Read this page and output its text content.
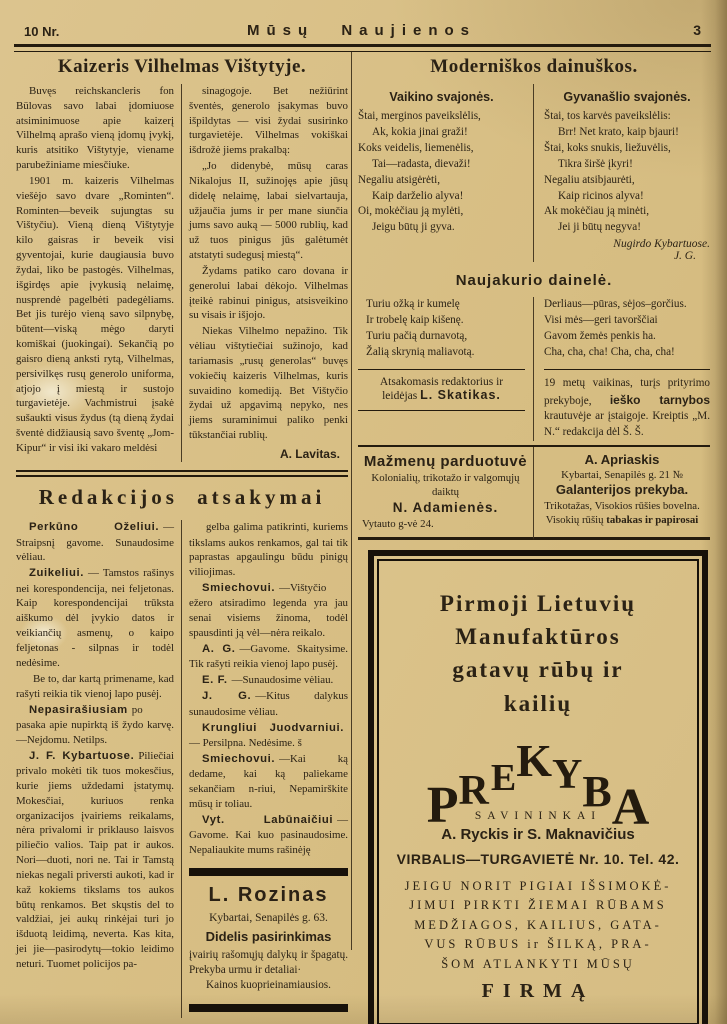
10 Nr.	Mūsų Naujienos	3
Kaizeris Vilhelmas Vištytyje.

Buvęs reichskancleris fon Bülovas savo labai įdomiuose atsiminimuose apie kaizerį Vilhelmą aprašo vieną įdomų įvykį, kuris atsitiko Vištytyje, viename parubežiniame miesčiuke.

1901 m. kaizeris Vilhelmas viešėjo savo dvare „Rominten“. Rominten—beveik sujungtas su Vištyčiu). Vieną dieną Vištytyje kilo gaisras ir beveik visi gyventojai, kurie daugiausia buvo žydai, liko be pastogės. Vilhelmas, išgirdęs apie įvykusią nelaimę, nusprendė pagelbėti padegėliams. Bet jis turėjo vieną savo silpnybę, būtent—viską mėgo daryti komiškai (juokingai). Sekančią po gaisro dieną anksti rytą, Vilhelmas, persivilkęs rusų generolo uniforma, atjojo į miestą ir sustojo turgavietėje. Vachmistrui įsakė sušaukti visus žydus (tą dieną žydai šventė didžiausią savo šventę „Jom-Kipur“ ir visi iki vakaro meldėsi

sinagogoje. Bet nežiūrint šventės, generolo įsakymas buvo išpildytas — visi žydai susirinko turgavietėje. Vilhelmas vokiškai išdrožė jiems prakalbą:

„Jo didenybė, mūsų caras Nikalojus II, sužinojęs apie jūsų didelę nelaimę, labai sielvartauja, užjaučia jums ir per mane siunčia jums savo auką — 5000 rublių, kad už tuos pinigus jūs galėtumėt atstatyti sudegusį miestą“.

Žydams patiko caro dovana ir generolui labai dėkojo. Vilhelmas įteikė rabinui pinigus, atsisveikino su visais ir išjojo.

Niekas Vilhelmo nepažino. Tik vėliau vištytiečiai sužinojo, kad tariamasis „rusų generolas“ buvęs vokiečių kaizeris Vilhelmas, kuris suvaidino komediją. Bet Vištyčio žydai už apgavimą nepyko, nes jiems suraminimui paliko penki tūkstančiai rublių.

A. Lavitas.
Redakcijos atsakymai

Perkūno Oželiui. — Straipsnį gavome. Sunaudosime vėliau.

Zuikeliui. — Tamstos rašinys nei korespondencija, nei feljetonas. Kaip korespondencijai trūksta aiškumo dėl įvykio datos ir veikiančių asmenų, o kaipo feljetonas - silpnas ir todėl nedėsime.

Be to, dar kartą primename, kad rašyti reikia tik vienoj lapo pusėj.

Nepasirašiusiam po pasaka apie nupirktą iš žydo karvę.—Nejdomu. Netilps.

J. F. Kybartuose. Piliečiai privalo mokėti tik tuos mokesčius, kurie jiems uždedami įstatymų. Mokesčiai, kuriuos renka organizacijos įvairiems reikalams, nėra privalomi ir priklauso laisvos piliečio valios. Taip pat ir aukos. Nori—duoti, nori ne. Tai ir Tamstą niekas negali priversti aukoti, kad ir kaž kokiems tikslams tos aukos būtų renkamos. Bet skųstis del to valdžiai, jei aukų rinkėjai turi jo išduotą leidimą, neverta. Kas kita, jei jie—pasirodytų—tokio leidimo neturi. Tuomet policijos pa-

gelba galima patikrinti, kuriems tikslams aukos renkamos, gal tai tik paprastas apgaulingu būdu pinigų viliojimas.

Smiechovui. —Vištyčio ežero atsiradimo legenda yra jau senai visiems žinoma, todėl spausdinti ją vėl—nėra reikalo.

A. G. —Gavome. Skaitysime. Tik rašyti reikia vienoj lapo pusėj.

E. F. —Sunaudosime vėliau.

J. G. —Kitus dalykus sunaudosime vėliau.

Krungliui Juodvarniui.— Persilpna. Nedėsime. š

Smiechovui. —Kai ką dedame, kai ką paliekame sekančiam n-riui, Nepamirškite mūsų ir toliau.

Vyt. Labūnaičiui —Gavome. Kai kuo pasinaudosime. Nepaliaukite mums rašinėję

L. Rozinas
Kybartai, Senapilės g. 63.
Didelis pasirinkimas
įvairių rašomųjų dalykų ir špagatų. Prekyba urmu ir detaliai·
Kainos kuoprieinamiausios.
Moderniškos dainuškos.
Vaikino svajonės.
Štai, merginos paveikslėlis,
Ak, kokia jinai graži!
Koks veidelis, liemenėlis,
Tai—radasta, dievaži!
Negaliu atsigėrėti,
Kaip darželio alyva!
Oi, mokėčiau ją mylėti,
Jeigu būtų ji gyva.
Gyvanašlio svajonės.
Štai, tos karvės paveikslėlis:
Brr! Net krato, kaip bjauri!
Štai, koks snukis, liežuvėlis,
Tikra širšė įkyri!
Negaliu atsibjaurėti,
Kaip ricinos alyva!
Ak mokėčiau ją minėti,
Jei ji būtų negyva!
Nugirdo Kybartuose.
J. G.
Naujakurio dainelė.
Turiu ožką ir kumelę
Ir trobelę kaip kišenę.
Turiu pačią durnavotą,
Žalią skrynią maliavotą.
Atsakomasis redaktorius ir
leidėjas L. Skatikas.
Derliaus—pūras, sėjos–gorčius.
Visi mės—geri tavorščiai
Gavom žemės penkis ha.
Cha, cha, cha! Cha, cha, cha!
19 metų vaikinas, turįs prityrimo prekyboje, ieško tarnybos krautuvėje ar įstaigoje. Kreiptis „M. N.“ redakcija dėl Š. Š.
Mažmenų parduotuvė
Kolonialių, trikotažo ir valgomųjų daiktų
N. Adamienės.
Vytauto g-vė 24.
A. Apriaskis
Kybartai, Senapilės g. 21 №
Galanterijos prekyba.
Trikotažas, Visokios rūšies bovelna.
Visokių rūšių tabakas ir papirosai
Pirmoji Lietuvių
Manufaktūros
gatavų rūbų ir
kailių
PREKYBA
SAVININKAI
A. Ryckis ir S. Maknavičius
VIRBALIS—TURGAVIETĖ Nr. 10. Tel. 42.
JEIGU NORIT PIGIAI IŠSIMOKĖ-
JIMUI PIRKTI ŽIEMAI RŪBAMS
MEDŽIAGOS, KAILIUS, GATA-
VUS RŪBUS ir ŠILKĄ, PRA-
ŠOM ATLANKYTI MŪSŲ
FIRMĄ
